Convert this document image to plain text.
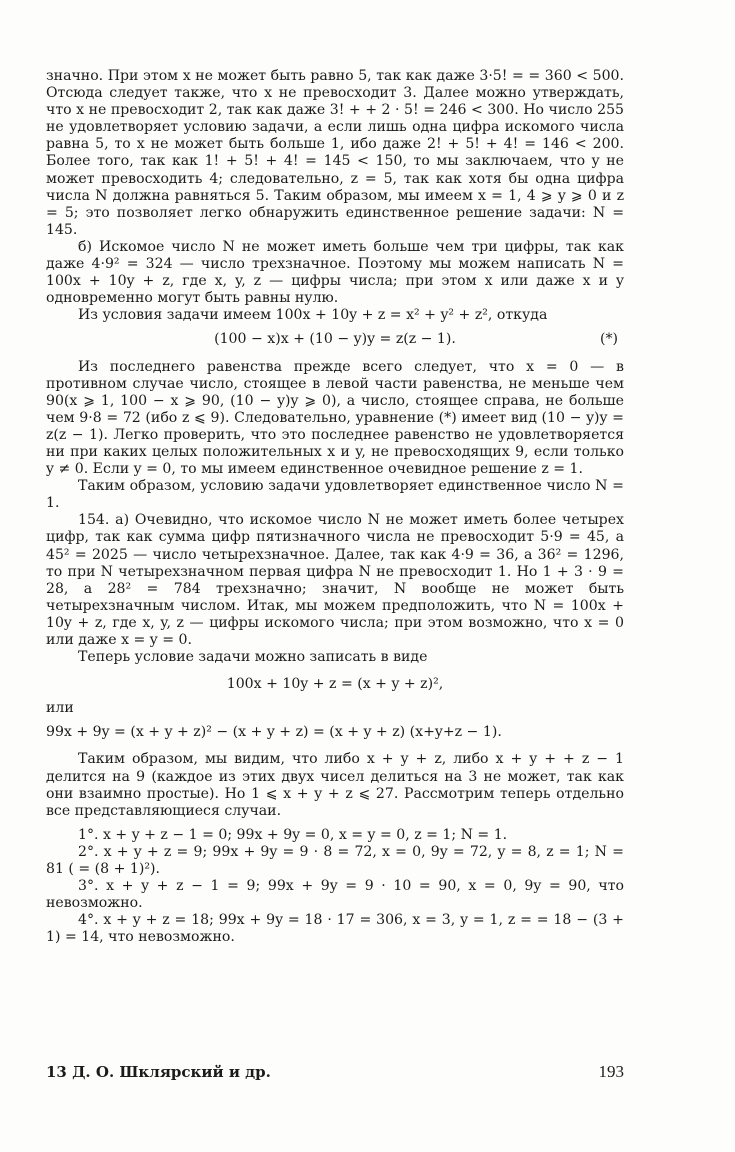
значно. При этом x не может быть равно 5, так как даже 3·5! = = 360 < 500. Отсюда следует также, что x не превосходит 3. Далее можно утверждать, что x не превосходит 2, так как даже 3! + + 2 · 5! = 246 < 300. Но число 255 не удовлетворяет условию задачи, а если лишь одна цифра искомого числа равна 5, то x не может быть больше 1, ибо даже 2! + 5! + 4! = 146 < 200. Более того, так как 1! + 5! + 4! = 145 < 150, то мы заключаем, что y не может превосходить 4; следовательно, z = 5, так как хотя бы одна цифра числа N должна равняться 5. Таким образом, мы имеем x = 1, 4 ⩾ y ⩾ 0 и z = 5; это позволяет легко обнаружить единственное решение задачи: N = 145.

б) Искомое число N не может иметь больше чем три цифры, так как даже 4·9² = 324 — число трехзначное. Поэтому мы можем написать N = 100x + 10y + z, где x, y, z — цифры числа; при этом x или даже x и y одновременно могут быть равны нулю.

Из условия задачи имеем 100x + 10y + z = x² + y² + z², откуда

(100 − x)x + (10 − y)y = z(z − 1).	(*)

Из последнего равенства прежде всего следует, что x = 0 — в противном случае число, стоящее в левой части равенства, не меньше чем 90(x ⩾ 1, 100 − x ⩾ 90, (10 − y)y ⩾ 0), а число, стоящее справа, не больше чем 9·8 = 72 (ибо z ⩽ 9). Следовательно, уравнение (*) имеет вид (10 − y)y = z(z − 1). Легко проверить, что это последнее равенство не удовлетворяется ни при каких целых положительных x и y, не превосходящих 9, если только y ≠ 0. Если y = 0, то мы имеем единственное очевидное решение z = 1.

Таким образом, условию задачи удовлетворяет единственное число N = 1.

154. а) Очевидно, что искомое число N не может иметь более четырех цифр, так как сумма цифр пятизначного числа не превосходит 5·9 = 45, а 45² = 2025 — число четырехзначное. Далее, так как 4·9 = 36, а 36² = 1296, то при N четырехзначном первая цифра N не превосходит 1. Но 1 + 3 · 9 = 28, а 28² = 784 трехзначно; значит, N вообще не может быть четырехзначным числом. Итак, мы можем предположить, что N = 100x + 10y + z, где x, y, z — цифры искомого числа; при этом возможно, что x = 0 или даже x = y = 0.

Теперь условие задачи можно записать в виде

100x + 10y + z = (x + y + z)²,

или

99x + 9y = (x + y + z)² − (x + y + z) = (x + y + z) (x+y+z − 1).

Таким образом, мы видим, что либо x + y + z, либо x + y + + z − 1 делится на 9 (каждое из этих двух чисел делиться на 3 не может, так как они взаимно простые). Но 1 ⩽ x + y + z ⩽ 27. Рассмотрим теперь отдельно все представляющиеся случаи.

1°. x + y + z − 1 = 0; 99x + 9y = 0, x = y = 0, z = 1; N = 1.

2°. x + y + z = 9; 99x + 9y = 9 · 8 = 72, x = 0, 9y = 72, y = 8, z = 1; N = 81 ( = (8 + 1)²).

3°. x + y + z − 1 = 9; 99x + 9y = 9 · 10 = 90, x = 0, 9y = 90, что невозможно.

4°. x + y + z = 18; 99x + 9y = 18 · 17 = 306, x = 3, y = 1, z = = 18 − (3 + 1) = 14, что невозможно.

13 Д. О. Шклярский и др.	193
